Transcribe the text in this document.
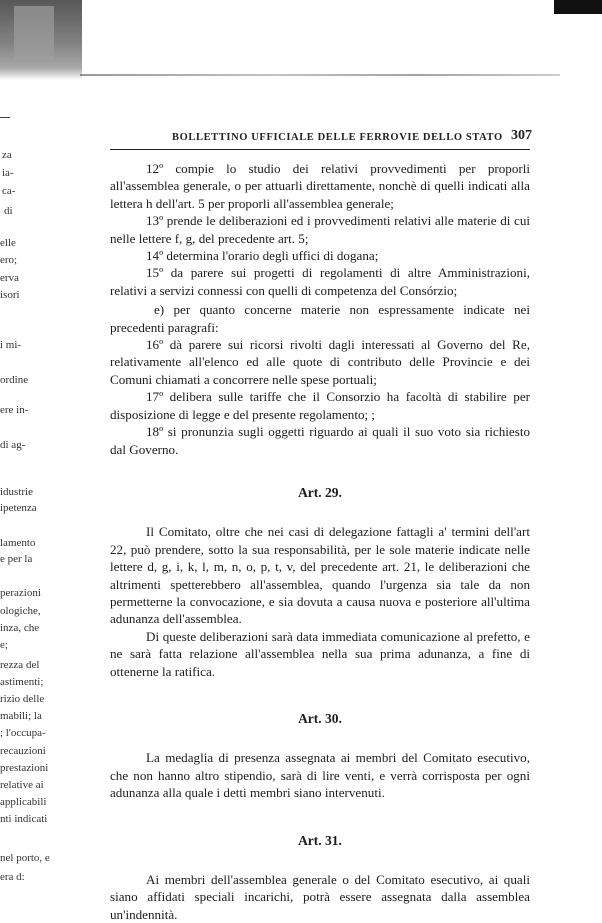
za
ia-
ca-
di
elle
ero;
erva
isori
i mi-
ordine
ere in-
di ag-
idustrie
ipetenza
lamento
e per la
perazioni
ologiche,
inza, che
e;
rezza del
astimenti;
rizio delle
mabili; la
; l'occupa-
recauzioni
prestazioni
relative ai
applicabili
nti indicati
nel porto, e
era d:
BOLLETTINO UFFICIALE DELLE FERROVIE DELLO STATO 307

12º compie lo studio dei relativi provvedimenti per proporli all'assemblea generale, o per attuarli direttamente, nonchè di quelli indicati alla lettera h dell'art. 5 per proporli all'assemblea generale;

13º prende le deliberazioni ed i provvedimenti relativi alle materie di cui nelle lettere f, g, del precedente art. 5;

14º determina l'orario degli uffici di dogana;

15º da parere sui progetti di regolamenti di altre Amministrazioni, relativi a servizi connessi con quelli di competenza del Consórzio;

e) per quanto concerne materie non espressamente indicate nei precedenti paragrafi:

16º dà parere sui ricorsi rivolti dagli interessati al Governo del Re, relativamente all'elenco ed alle quote di contributo delle Provincie e dei Comuni chiamati a concorrere nelle spese portuali;

17º delibera sulle tariffe che il Consorzio ha facoltà di stabilire per disposizione di legge e del presente regolamento; ;

18º si pronunzia sugli oggetti riguardo ai quali il suo voto sia richiesto dal Governo.

Art. 29.

Il Comitato, oltre che nei casi di delegazione fattagli a' termini dell'art 22, può prendere, sotto la sua responsabilità, per le sole materie indicate nelle lettere d, g, i, k, l, m, n, o, p, t, v, del precedente art. 21, le deliberazioni che altrimenti spetterebbero all'assemblea, quando l'urgenza sia tale da non permetterne la convocazione, e sia dovuta a causa nuova e posteriore all'ultima adunanza dell'assemblea.

Di queste deliberazioni sarà data immediata comunicazione al prefetto, e ne sarà fatta relazione all'assemblea nella sua prima adunanza, a fine di ottenerne la ratifica.

Art. 30.

La medaglia di presenza assegnata ai membri del Comitato esecutivo, che non hanno altro stipendio, sarà di lire venti, e verrà corrisposta per ogni adunanza alla quale i detti membri siano intervenuti.

Art. 31.

Ai membri dell'assemblea generale o del Comitato esecutivo, ai quali siano affidati speciali incarichi, potrà essere assegnata dalla assemblea un'indennità.
